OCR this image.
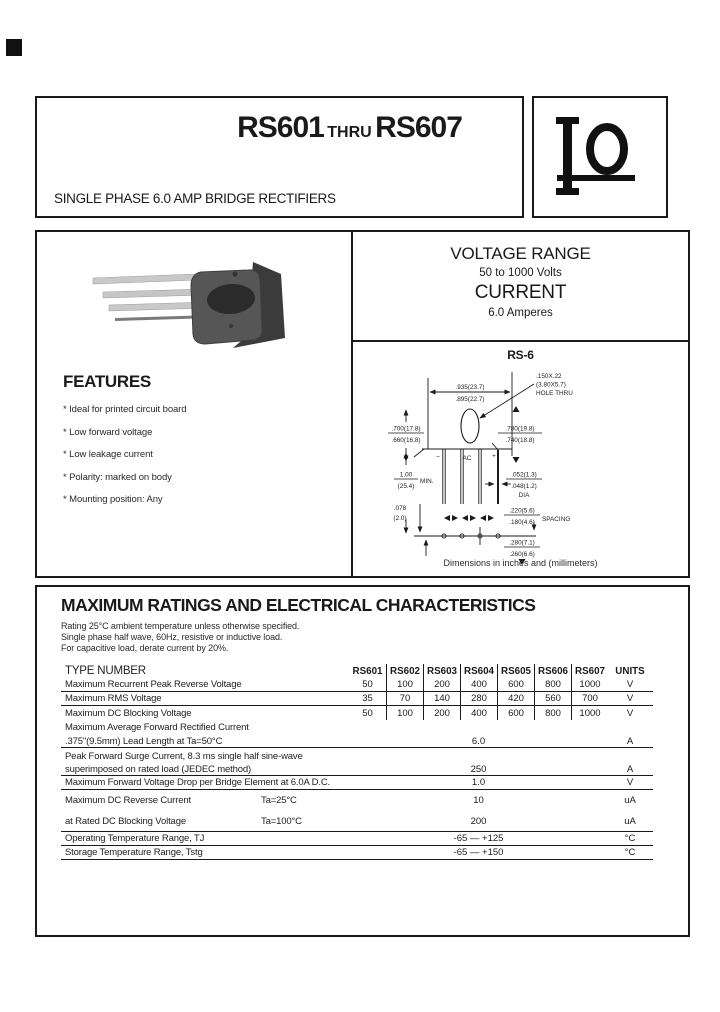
RS601 THRU RS607
SINGLE PHASE 6.0 AMP BRIDGE RECTIFIERS
FEATURES
* Ideal for printed circuit board
* Low forward voltage
* Low leakage current
* Polarity: marked on body
* Mounting position: Any
VOLTAGE RANGE
50 to 1000 Volts
CURRENT
6.0 Amperes
RS-6
.935(23.7)
.895(22.7)
.150X.22
(3.80X5.7)
HOLE THRU
.700(17.8)
.660(16.8)
.780(19.8)
.740(18.8)
−	AC	+
1.00
(25.4)
MIN.
.052(1.3)
.048(1.2)
DIA
.078
(2.0)
.220(5.6)
.180(4.6) SPACING
.280(7.1)
.260(6.6)
Dimensions in inches and (millimeters)
MAXIMUM RATINGS AND ELECTRICAL CHARACTERISTICS
Rating 25°C ambient temperature unless otherwise specified.
Single phase half wave, 60Hz, resistive or inductive load.
For capacitive load, derate current by 20%.
TYPE NUMBER	RS601 RS602 RS603 RS604 RS605 RS606 RS607	UNITS
Maximum Recurrent Peak Reverse Voltage	50	100	200	400	600	800	1000	V
Maximum RMS Voltage	35	70	140	280	420	560	700	V
Maximum DC Blocking Voltage	50	100	200	400	600	800	1000	V
Maximum Average Forward Rectified Current
.375"(9.5mm) Lead Length at Ta=50°C	6.0	A
Peak Forward Surge Current, 8.3 ms single half sine-wave
superimposed on rated load (JEDEC method)	250	A
Maximum Forward Voltage Drop per Bridge Element at 6.0A D.C.	1.0	V
Maximum DC Reverse Current	Ta=25°C	10	uA
at Rated DC Blocking Voltage	Ta=100°C	200	uA
Operating Temperature Range, TJ	-65 — +125	°C
Storage Temperature Range, Tstg	-65 — +150	°C
